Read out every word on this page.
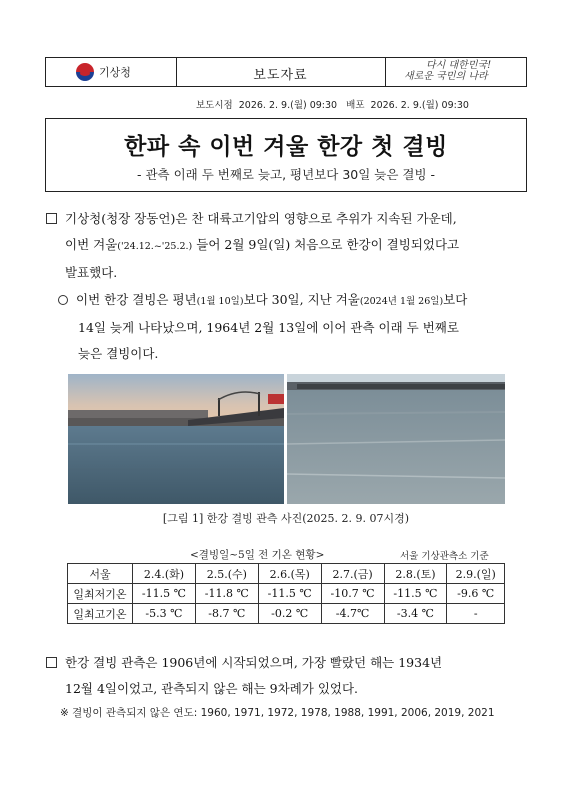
기상청	보도자료
다시 대한민국!
새로운 국민의 나라
보도시점  2026. 2. 9.(월) 09:30   배포  2026. 2. 9.(월) 09:30
한파 속 이번 겨울 한강 첫 결빙
- 관측 이래 두 번째로 늦고, 평년보다 30일 늦은 결빙 -
기상청(청장 장동언)은 찬 대륙고기압의 영향으로 추위가 지속된 가운데,
이번 겨울('24.12.~'25.2.) 들어 2월 9일(일) 처음으로 한강이 결빙되었다고
발표했다.
이번 한강 결빙은 평년(1월 10일)보다 30일, 지난 겨울(2024년 1월 26일)보다
14일 늦게 나타났으며, 1964년 2월 13일에 이어 관측 이래 두 번째로
늦은 결빙이다.
[그림 1] 한강 결빙 관측 사진(2025. 2. 9. 07시경)
<결빙일~5일 전 기온 현황>	서울 기상관측소 기준
서울	2.4.(화)	2.5.(수)	2.6.(목)	2.7.(금)	2.8.(토)	2.9.(일)
일최저기온	-11.5 ℃	-11.8 ℃	-11.5 ℃	-10.7 ℃	-11.5 ℃	-9.6 ℃
일최고기온	-5.3 ℃	-8.7 ℃	-0.2 ℃	-4.7℃	-3.4 ℃	-
한강 결빙 관측은 1906년에 시작되었으며, 가장 빨랐던 해는 1934년
12월 4일이었고, 관측되지 않은 해는 9차례가 있었다.
※ 결빙이 관측되지 않은 연도: 1960, 1971, 1972, 1978, 1988, 1991, 2006, 2019, 2021
